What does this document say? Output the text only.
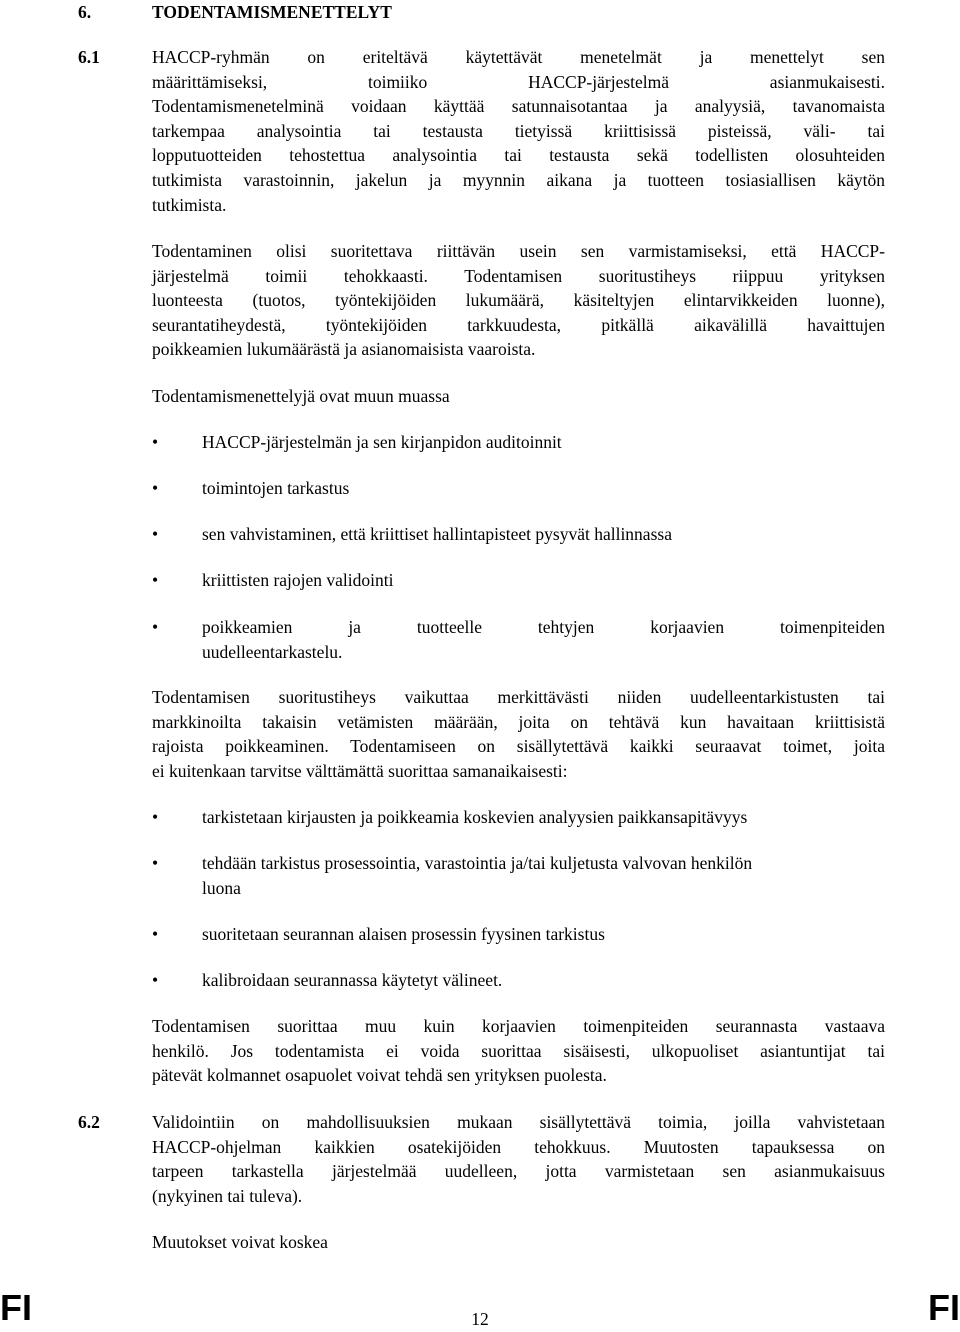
6.	TODENTAMISMENETTELYT
6.1	HACCP-ryhmän on eriteltävä käytettävät menetelmät ja menettelyt sen
määrittämiseksi, toimiiko HACCP-järjestelmä asianmukaisesti.
Todentamismenetelminä voidaan käyttää satunnaisotantaa ja analyysiä, tavanomaista
tarkempaa analysointia tai testausta tietyissä kriittisissä pisteissä, väli- tai
lopputuotteiden tehostettua analysointia tai testausta sekä todellisten olosuhteiden
tutkimista varastoinnin, jakelun ja myynnin aikana ja tuotteen tosiasiallisen käytön
tutkimista.
Todentaminen olisi suoritettava riittävän usein sen varmistamiseksi, että HACCP-
järjestelmä toimii tehokkaasti. Todentamisen suoritustiheys riippuu yrityksen
luonteesta (tuotos, työntekijöiden lukumäärä, käsiteltyjen elintarvikkeiden luonne),
seurantatiheydestä, työntekijöiden tarkkuudesta, pitkällä aikavälillä havaittujen
poikkeamien lukumäärästä ja asianomaisista vaaroista.
Todentamismenettelyjä ovat muun muassa
•	HACCP-järjestelmän ja sen kirjanpidon auditoinnit
•	toimintojen tarkastus
•	sen vahvistaminen, että kriittiset hallintapisteet pysyvät hallinnassa
•	kriittisten rajojen validointi
•	poikkeamien ja tuotteelle tehtyjen korjaavien toimenpiteiden
uudelleentarkastelu.
Todentamisen suoritustiheys vaikuttaa merkittävästi niiden uudelleentarkistusten tai
markkinoilta takaisin vetämisten määrään, joita on tehtävä kun havaitaan kriittisistä
rajoista poikkeaminen. Todentamiseen on sisällytettävä kaikki seuraavat toimet, joita
ei kuitenkaan tarvitse välttämättä suorittaa samanaikaisesti:
•	tarkistetaan kirjausten ja poikkeamia koskevien analyysien paikkansapitävyys
•	tehdään tarkistus prosessointia, varastointia ja/tai kuljetusta valvovan henkilön
luona
•	suoritetaan seurannan alaisen prosessin fyysinen tarkistus
•	kalibroidaan seurannassa käytetyt välineet.
Todentamisen suorittaa muu kuin korjaavien toimenpiteiden seurannasta vastaava
henkilö. Jos todentamista ei voida suorittaa sisäisesti, ulkopuoliset asiantuntijat tai
pätevät kolmannet osapuolet voivat tehdä sen yrityksen puolesta.
6.2	Validointiin on mahdollisuuksien mukaan sisällytettävä toimia, joilla vahvistetaan
HACCP-ohjelman kaikkien osatekijöiden tehokkuus. Muutosten tapauksessa on
tarpeen tarkastella järjestelmää uudelleen, jotta varmistetaan sen asianmukaisuus
(nykyinen tai tuleva).
Muutokset voivat koskea
FI	12	FI
